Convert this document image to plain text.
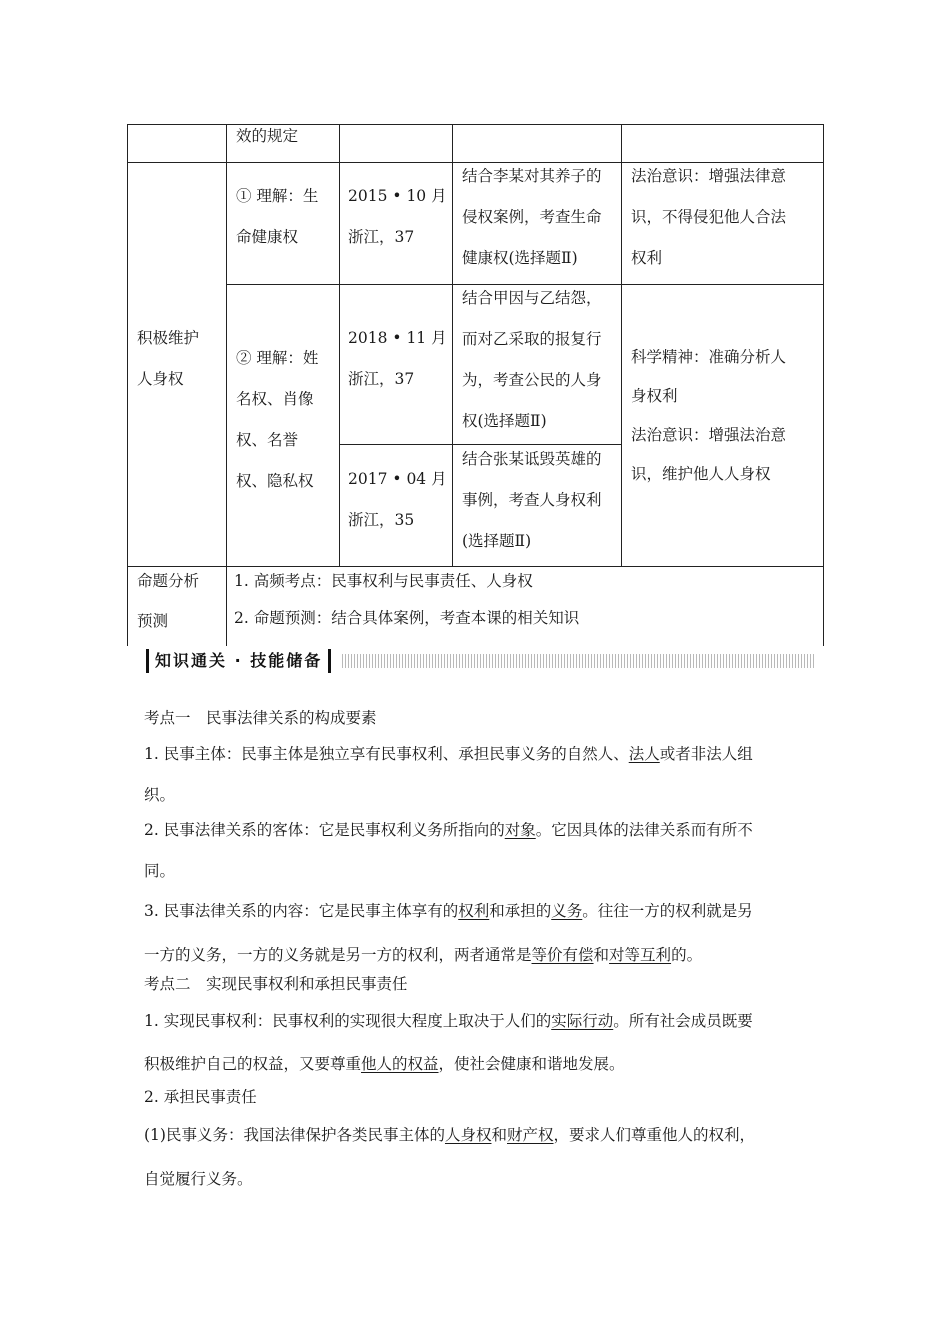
效的规定
积极维护
人身权
① 理解：生
命健康权
2015 • 10 月
浙江，37
结合李某对其养子的
侵权案例，考查生命
健康权(选择题Ⅱ)
法治意识：增强法律意
识，不得侵犯他人合法
权利
② 理解：姓
名权、肖像
权、名誉
权、隐私权
2018 • 11 月
浙江，37
结合甲因与乙结怨，
而对乙采取的报复行
为，考查公民的人身
权(选择题Ⅱ)
科学精神：准确分析人
身权利
法治意识：增强法治意
识，维护他人人身权
2017 • 04 月
浙江，35
结合张某诋毁英雄的
事例，考查人身权利
(选择题Ⅱ)
命题分析
预测
1. 高频考点：民事权利与民事责任、人身权
2. 命题预测：结合具体案例，考查本课的相关知识
知识通关 · 技能储备
考点一　民事法律关系的构成要素
1. 民事主体：民事主体是独立享有民事权利、承担民事义务的自然人、法人或者非法人组
织。
2. 民事法律关系的客体：它是民事权利义务所指向的对象。它因具体的法律关系而有所不
同。
3. 民事法律关系的内容：它是民事主体享有的权利和承担的义务。往往一方的权利就是另
一方的义务，一方的义务就是另一方的权利，两者通常是等价有偿和对等互利的。
考点二　实现民事权利和承担民事责任
1. 实现民事权利：民事权利的实现很大程度上取决于人们的实际行动。所有社会成员既要
积极维护自己的权益，又要尊重他人的权益，使社会健康和谐地发展。
2. 承担民事责任
(1)民事义务：我国法律保护各类民事主体的人身权和财产权，要求人们尊重他人的权利，
自觉履行义务。
